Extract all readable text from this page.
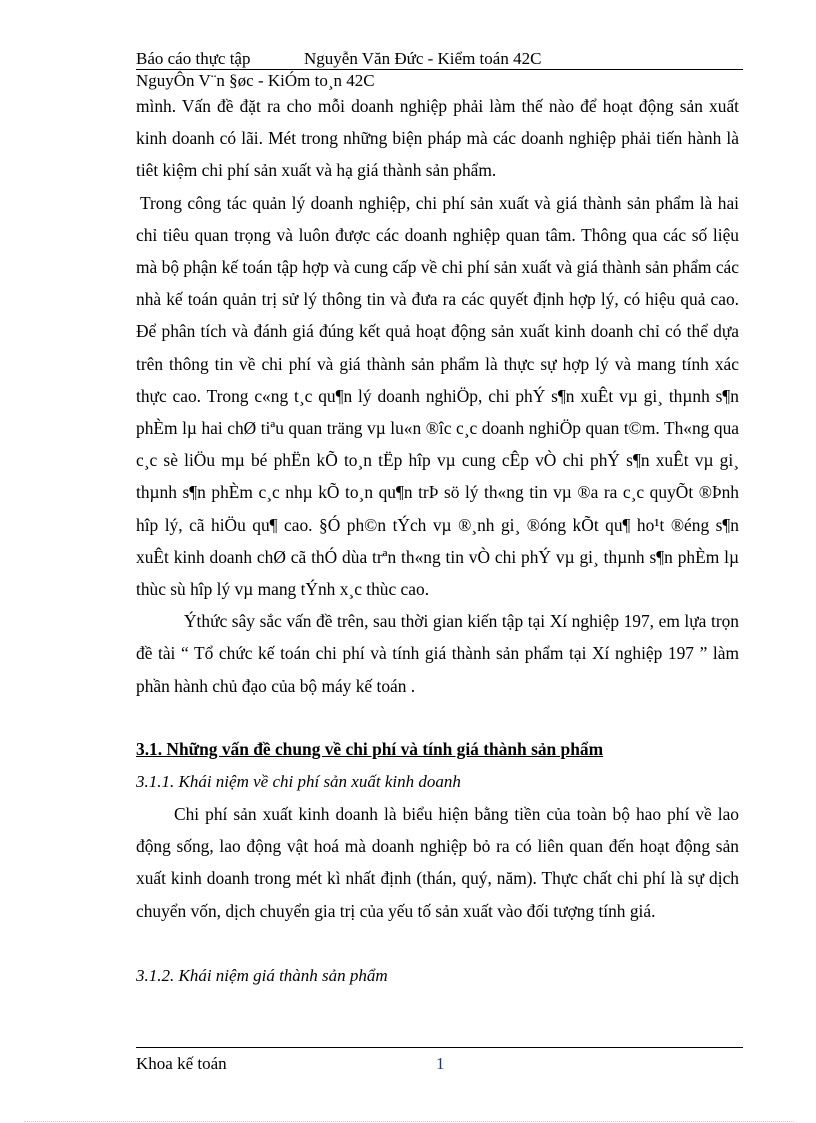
Báo cáo thực tập	Nguyễn Văn Đức - Kiểm toán 42C
NguyÔn V¨n §øc - KiÓm to¸n 42C

mình. Vấn đề đặt ra cho mỗi doanh nghiệp phải làm thế nào để hoạt động sản xuất kinh doanh có lãi. Mét trong những biện pháp mà các doanh nghiệp phải tiến hành là tiêt kiệm chi phí sản xuất và hạ giá thành sản phẩm.

Trong công tác quản lý doanh nghiệp, chi phí sản xuất và giá thành sản phẩm là hai chỉ tiêu quan trọng và luôn được các doanh nghiệp quan tâm. Thông qua các số liệu mà bộ phận kế toán tập hợp và cung cấp về chi phí sản xuất và giá thành sản phẩm các nhà kế toán quản trị sử lý thông tin và đưa ra các quyết định hợp lý, có hiệu quả cao. Để phân tích và đánh giá đúng kết quả hoạt động sản xuất kinh doanh chỉ có thể dựa trên thông tin về chi phí và giá thành sản phẩm là thực sự hợp lý và mang tính xác thực cao. Trong c«ng t¸c qu¶n lý doanh nghiÖp, chi phÝ s¶n xuÊt vµ gi¸ thµnh s¶n phÈm lµ hai chØ tiªu quan träng vµ lu«n ®îc c¸c doanh nghiÖp quan t©m. Th«ng qua c¸c sè liÖu mµ bé phËn kÕ to¸n tËp hîp vµ cung cÊp vÒ chi phÝ s¶n xuÊt vµ gi¸ thµnh s¶n phÈm c¸c nhµ kÕ to¸n qu¶n trÞ sö lý th«ng tin vµ ®a ra c¸c quyÕt ®Þnh hîp lý, cã hiÖu qu¶ cao. §Ó ph©n tÝch vµ ®¸nh gi¸ ®óng kÕt qu¶ ho¹t ®éng s¶n xuÊt kinh doanh chØ cã thÓ dùa trªn th«ng tin vÒ chi phÝ vµ gi¸ thµnh s¶n phÈm lµ thùc sù hîp lý vµ mang tÝnh x¸c thùc cao.

Ýthức sây sắc vấn đề trên, sau thời gian kiến tập tại Xí nghiệp 197, em lựa trọn đề tài “ Tổ chức kế toán chi phí và tính giá thành sản phẩm tại Xí nghiệp 197 ” làm phần hành chủ đạo của bộ máy kế toán .

3.1. Những vấn đề chung về chi phí và tính giá thành sản phẩm
3.1.1. Khái niệm về chi phí sản xuất kinh doanh

Chi phí sản xuất kinh doanh là biểu hiện bằng tiền của toàn bộ hao phí về lao động sống, lao động vật hoá mà doanh nghiệp bỏ ra có liên quan đến hoạt động sản xuất kinh doanh trong mét kì nhất định (thán, quý, năm). Thực chất chi phí là sự dịch chuyển vốn, dịch chuyển gia trị của yếu tố sản xuất vào đối tượng tính giá.

3.1.2. Khái niệm giá thành sản phẩm
Khoa kế toán	1
